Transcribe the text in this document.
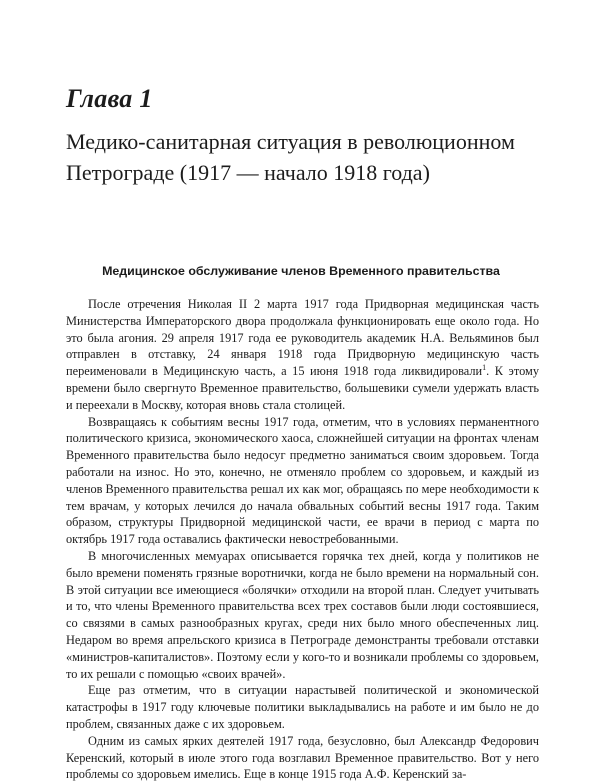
Глава 1
Медико-санитарная ситуация в революционном Петрограде (1917 — начало 1918 года)
Медицинское обслуживание членов Временного правительства

После отречения Николая II 2 марта 1917 года Придворная медицинская часть Министерства Императорского двора продолжала функционировать еще около года. Но это была агония. 29 апреля 1917 года ее руководитель академик Н.А. Вельяминов был отправлен в отставку, 24 января 1918 года Придворную медицинскую часть переименовали в Медицинскую часть, а 15 июня 1918 года ликвидировали$^1$. К этому времени было свергнуто Временное правительство, большевики сумели удержать власть и переехали в Москву, которая вновь стала столицей.

Возвращаясь к событиям весны 1917 года, отметим, что в условиях перманентного политического кризиса, экономического хаоса, сложнейшей ситуации на фронтах членам Временного правительства было недосуг предметно заниматься своим здоровьем. Тогда работали на износ. Но это, конечно, не отменяло проблем со здоровьем, и каждый из членов Временного правительства решал их как мог, обращаясь по мере необходимости к тем врачам, у которых лечился до начала обвальных событий весны 1917 года. Таким образом, структуры Придворной медицинской части, ее врачи в период с марта по октябрь 1917 года оставались фактически невостребованными.

В многочисленных мемуарах описывается горячка тех дней, когда у политиков не было времени поменять грязные воротнички, когда не было времени на нормальный сон. В этой ситуации все имеющиеся «болячки» отходили на второй план. Следует учитывать и то, что члены Временного правительства всех трех составов были люди состоявшиеся, со связями в самых разнообразных кругах, среди них было много обеспеченных лиц. Недаром во время апрельского кризиса в Петрограде демонстранты требовали отставки «министров-капиталистов». Поэтому если у кого-то и возникали проблемы со здоровьем, то их решали с помощью «своих врачей».

Еще раз отметим, что в ситуации нарастывей политической и экономической катастрофы в 1917 году ключевые политики выкладывались на работе и им было не до проблем, связанных даже с их здоровьем.

Одним из самых ярких деятелей 1917 года, безусловно, был Александр Федорович Керенский, который в июле этого года возглавил Временное правительство. Вот у него проблемы со здоровьем имелись. Еще в конце 1915 года А.Ф. Керенский за-
